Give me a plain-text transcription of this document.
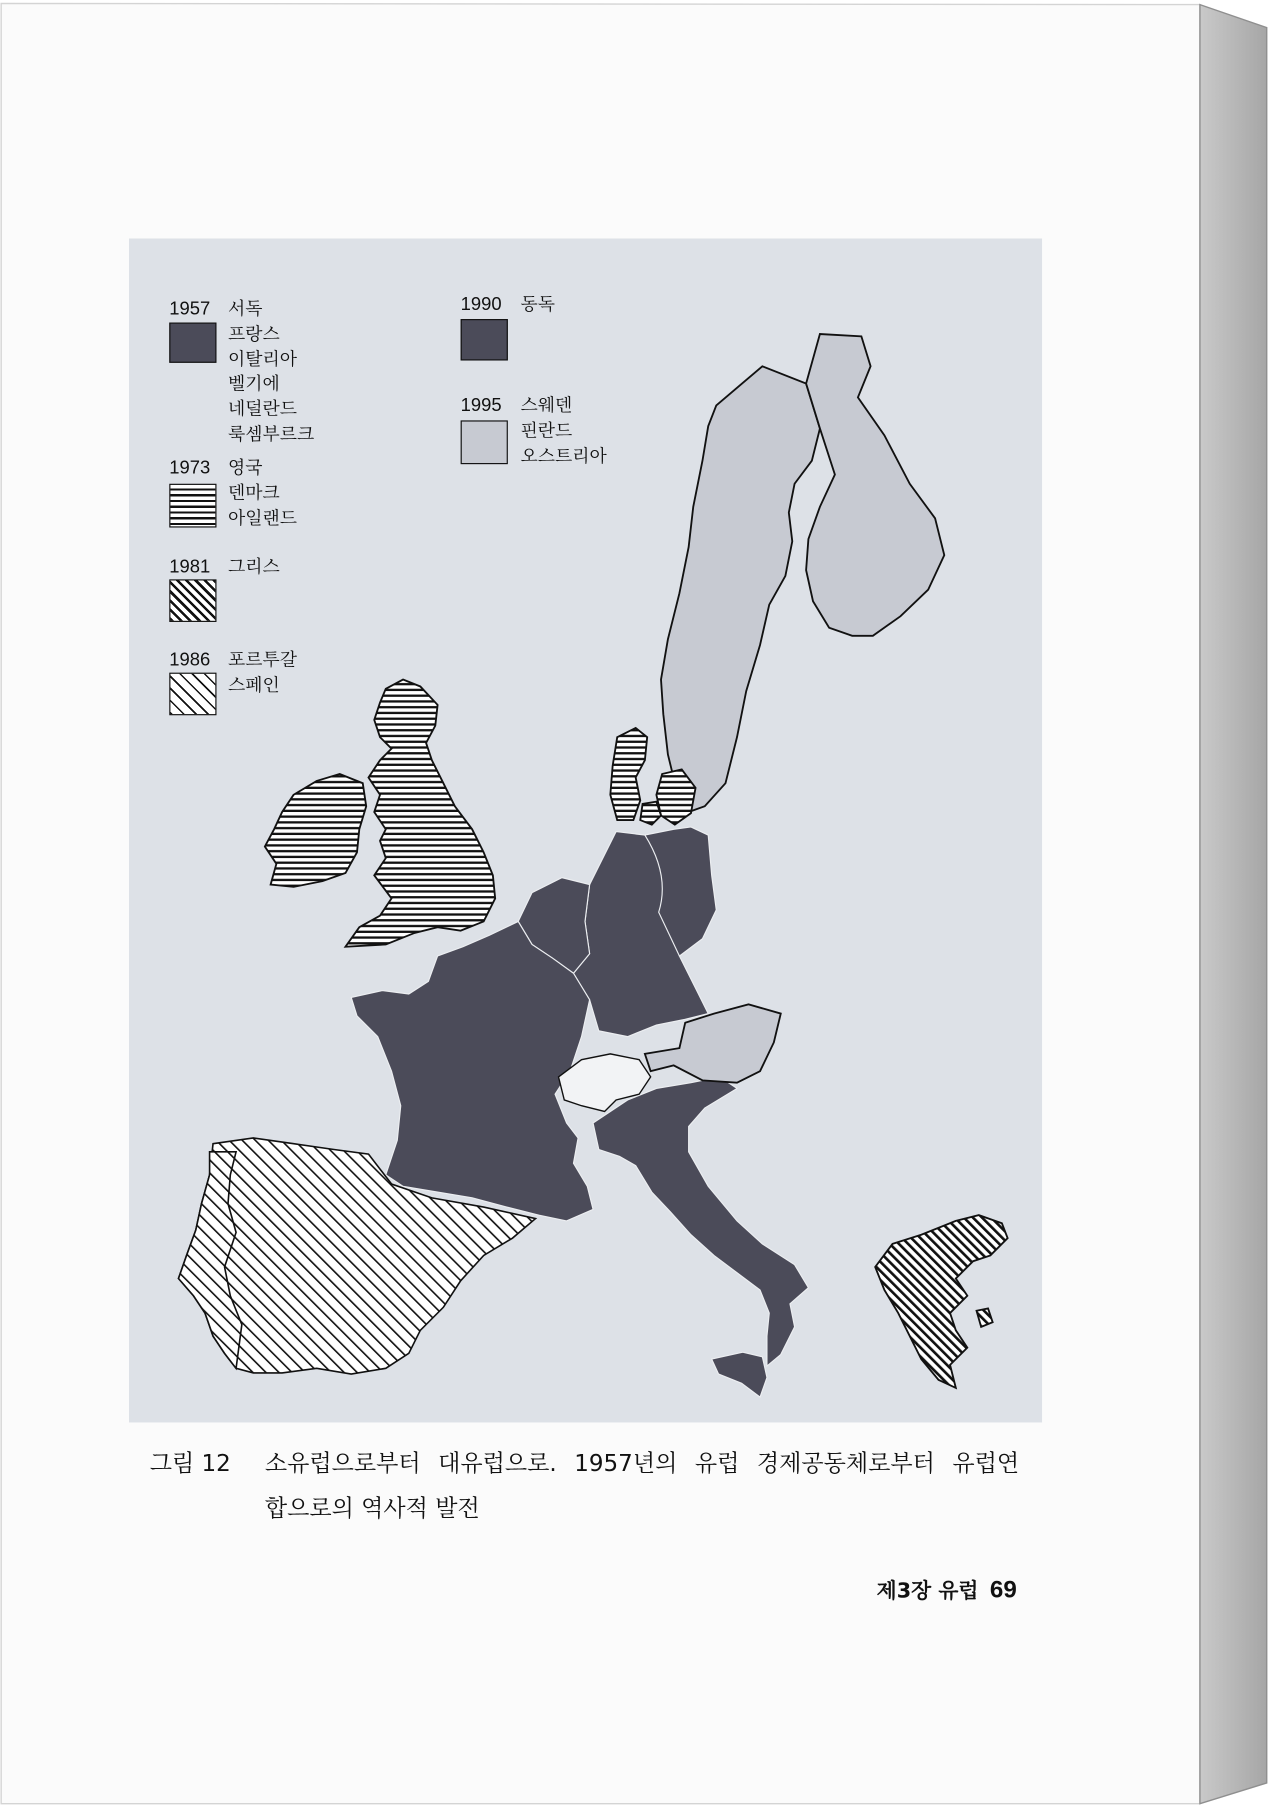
1957 서독
프랑스
이탈리아
벨기에
네덜란드
룩셈부르크
1973 영국
덴마크
아일랜드
1981 그리스
1986 포르투갈
스페인
1990 동독
1995 스웨덴
핀란드
오스트리아
그림 12 소유럽으로부터 대유럽으로. 1957년의 유럽 경제공동체로부터 유럽연
합으로의 역사적 발전
제3장 유럽 69
